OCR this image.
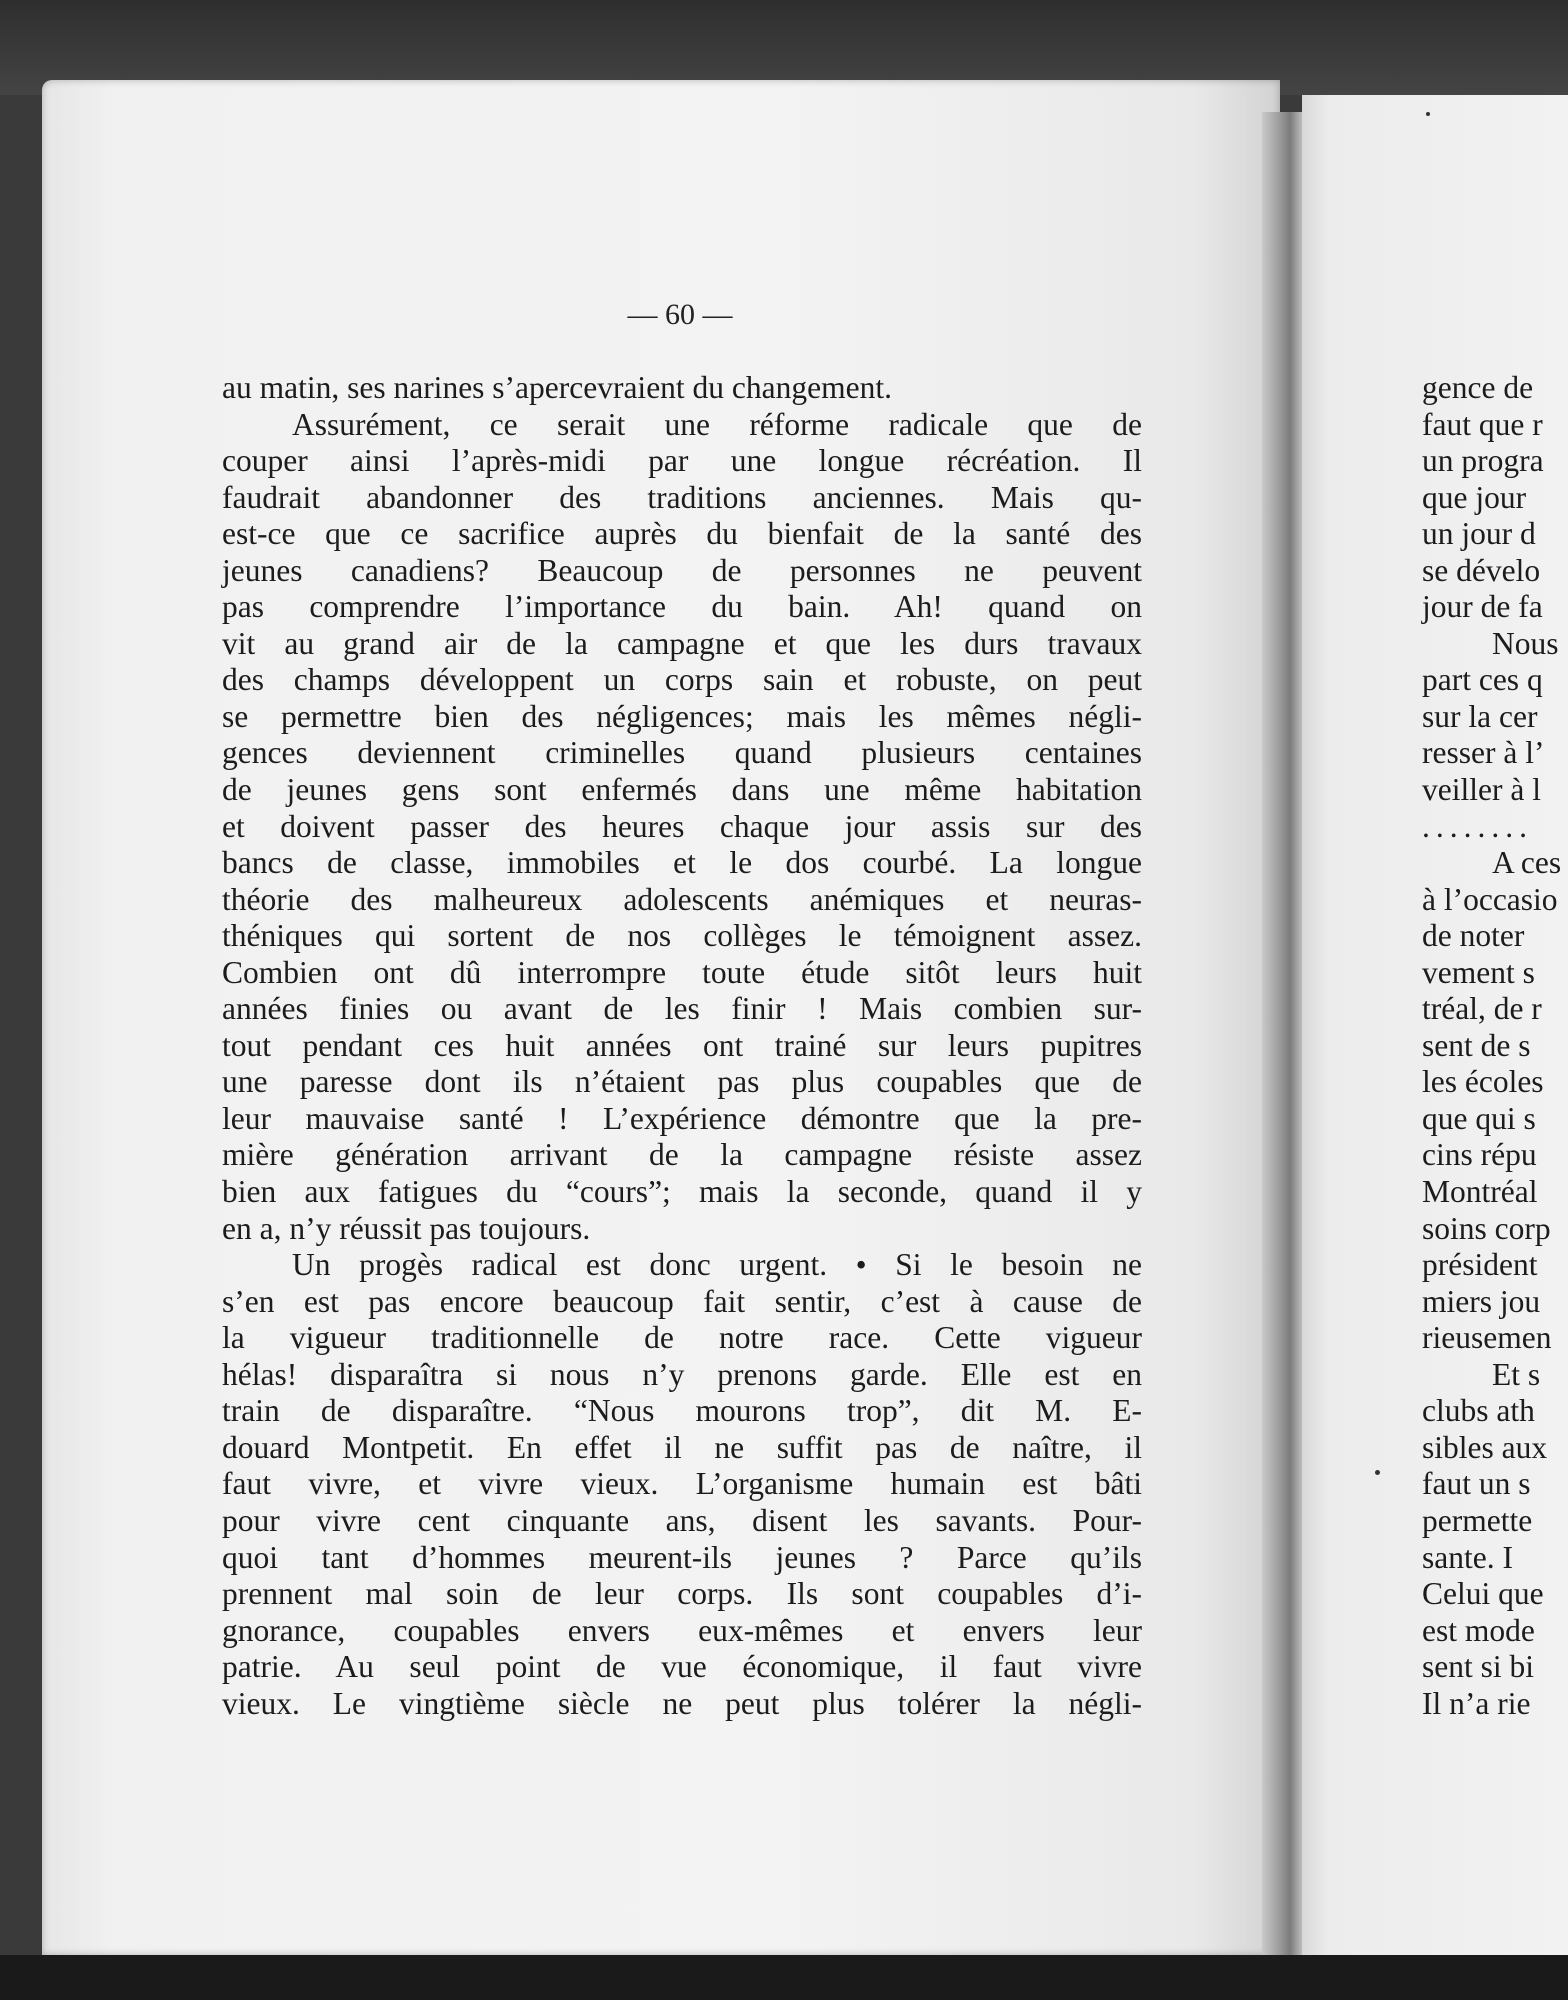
— 60 —
au matin, ses narines s’apercevraient du changement.
Assurément, ce serait une réforme radicale que de
couper ainsi l’après-midi par une longue récréation. Il
faudrait abandonner des traditions anciennes. Mais qu-
est-ce que ce sacrifice auprès du bienfait de la santé des
jeunes canadiens? Beaucoup de personnes ne peuvent
pas comprendre l’importance du bain. Ah! quand on
vit au grand air de la campagne et que les durs travaux
des champs développent un corps sain et robuste, on peut
se permettre bien des négligences; mais les mêmes négli-
gences deviennent criminelles quand plusieurs centaines
de jeunes gens sont enfermés dans une même habitation
et doivent passer des heures chaque jour assis sur des
bancs de classe, immobiles et le dos courbé. La longue
théorie des malheureux adolescents anémiques et neuras-
théniques qui sortent de nos collèges le témoignent assez.
Combien ont dû interrompre toute étude sitôt leurs huit
années finies ou avant de les finir ! Mais combien sur-
tout pendant ces huit années ont trainé sur leurs pupitres
une paresse dont ils n’étaient pas plus coupables que de
leur mauvaise santé ! L’expérience démontre que la pre-
mière génération arrivant de la campagne résiste assez
bien aux fatigues du “cours”; mais la seconde, quand il y
en a, n’y réussit pas toujours.
Un progès radical est donc urgent. • Si le besoin ne
s’en est pas encore beaucoup fait sentir, c’est à cause de
la vigueur traditionnelle de notre race. Cette vigueur
hélas! disparaîtra si nous n’y prenons garde. Elle est en
train de disparaître. “Nous mourons trop”, dit M. E-
douard Montpetit. En effet il ne suffit pas de naître, il
faut vivre, et vivre vieux. L’organisme humain est bâti
pour vivre cent cinquante ans, disent les savants. Pour-
quoi tant d’hommes meurent-ils jeunes ? Parce qu’ils
prennent mal soin de leur corps. Ils sont coupables d’i-
gnorance, coupables envers eux-mêmes et envers leur
patrie. Au seul point de vue économique, il faut vivre
vieux. Le vingtième siècle ne peut plus tolérer la négli-
gence de
faut que r
un progra
que jour
un jour d
se dévelo
jour de fa
Nous
part ces q
sur la cer
resser à l’
veiller à l
........
A ces
à l’occasio
de noter
vement s
tréal, de r
sent de s
les écoles
que qui s
cins répu
Montréal
soins corp
président
miers jou
rieusemen
Et s
clubs ath
sibles aux
faut un s
permette
sante. I
Celui que
est mode
sent si bi
Il n’a rie
